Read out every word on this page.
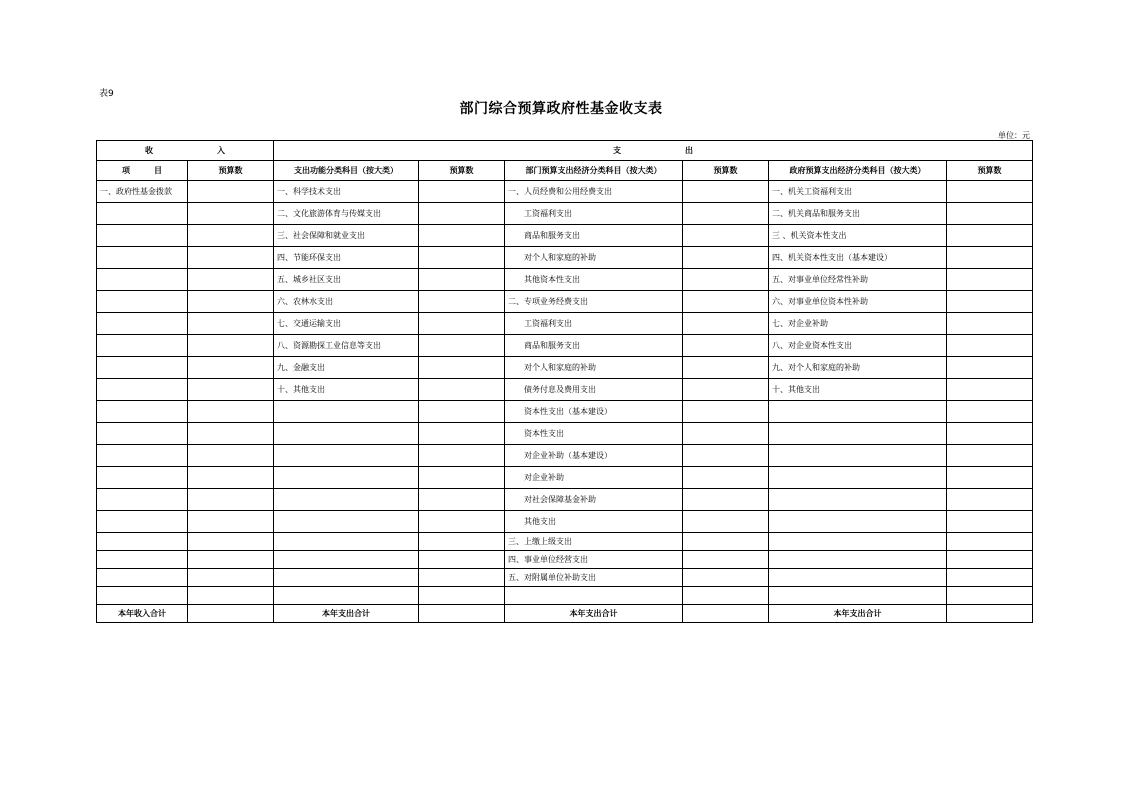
表9
部门综合预算政府性基金收支表
单位：元
收　　　　　　　　入		支　　　　　　　　出					
项　　　目	预算数	支出功能分类科目（按大类）	预算数	部门预算支出经济分类科目（按大类）	预算数	政府预算支出经济分类科目（按大类）	预算数
一、政府性基金拨款		一、科学技术支出		一、人员经费和公用经费支出		一、机关工资福利支出	
		二、文化旅游体育与传媒支出		工资福利支出		二、机关商品和服务支出	
		三、社会保障和就业支出		商品和服务支出		三 、机关资本性支出	
		四、节能环保支出		对个人和家庭的补助		四、机关资本性支出（基本建设）	
		五、城乡社区支出		其他资本性支出		五、对事业单位经常性补助	
		六、农林水支出		二、专项业务经费支出		六、对事业单位资本性补助	
		七、交通运输支出		工资福利支出		七、对企业补助	
		八、资源勘探工业信息等支出		商品和服务支出		八、对企业资本性支出	
		九、金融支出		对个人和家庭的补助		九、对个人和家庭的补助	
		十、其他支出		债务付息及费用支出		十、其他支出	
				资本性支出（基本建设）			
				资本性支出			
				对企业补助（基本建设）			
				对企业补助			
				对社会保障基金补助			
				其他支出			
				三、上缴上级支出			
				四、事业单位经营支出			
				五、对附属单位补助支出			

本年收入合计		本年支出合计		本年支出合计		本年支出合计	
